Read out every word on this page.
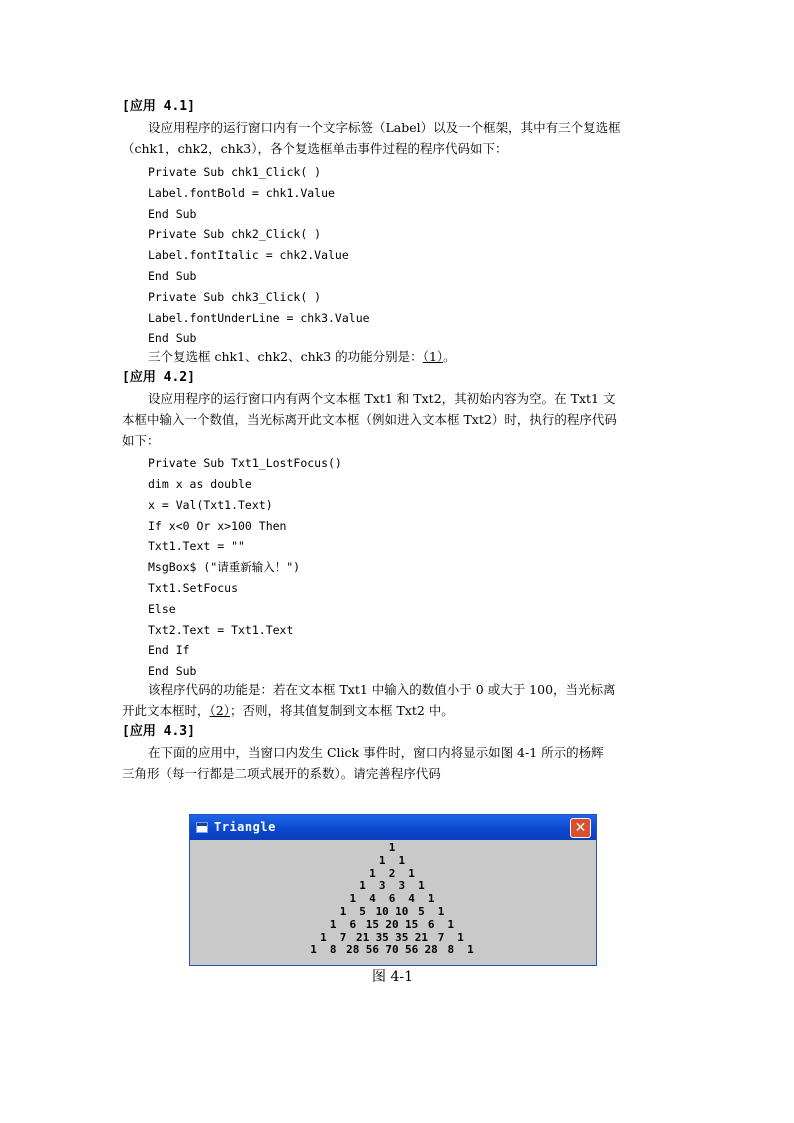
[应用 4.1]
设应用程序的运行窗口内有一个文字标签（Label）以及一个框架，其中有三个复选框
（chk1，chk2，chk3），各个复选框单击事件过程的程序代码如下：
Private Sub chk1_Click( )
Label.fontBold = chk1.Value
End Sub
Private Sub chk2_Click( )
Label.fontItalic = chk2.Value
End Sub
Private Sub chk3_Click( )
Label.fontUnderLine = chk3.Value
End Sub
三个复选框 chk1、chk2、chk3 的功能分别是：（1）。
[应用 4.2]
设应用程序的运行窗口内有两个文本框 Txt1 和 Txt2，其初始内容为空。在 Txt1 文
本框中输入一个数值，当光标离开此文本框（例如进入文本框 Txt2）时，执行的程序代码
如下：
Private Sub Txt1_LostFocus()
dim x as double
x = Val(Txt1.Text)
If x<0 Or x>100 Then
Txt1.Text = ""
MsgBox$ ("请重新输入！")
Txt1.SetFocus
Else
Txt2.Text = Txt1.Text
End If
End Sub
该程序代码的功能是：若在文本框 Txt1 中输入的数值小于 0 或大于 100，当光标离
开此文本框时，（2）；否则，将其值复制到文本框 Txt2 中。
[应用 4.3]
在下面的应用中，当窗口内发生 Click 事件时，窗口内将显示如图 4-1 所示的杨辉
三角形（每一行都是二项式展开的系数）。请完善程序代码
Triangle	✕
1
1 1
1 2 1
1 3 3 1
1 4 6 4 1
1 5 10 10 5 1
1 6 15 20 15 6 1
1 7 21 35 35 21 7 1
1 8 28 56 70 56 28 8 1
图 4-1
